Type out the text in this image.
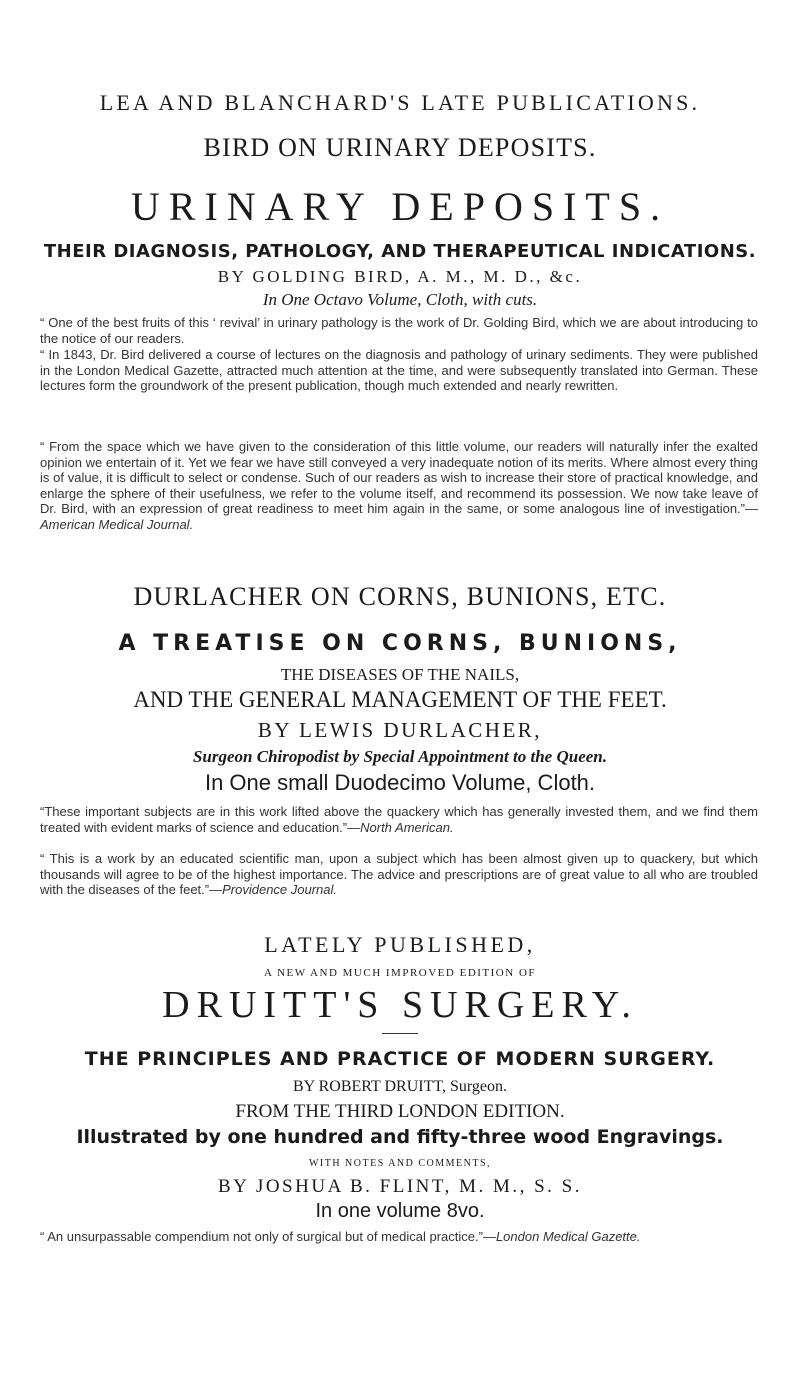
LEA AND BLANCHARD'S LATE PUBLICATIONS.

BIRD ON URINARY DEPOSITS.

URINARY DEPOSITS.

THEIR DIAGNOSIS, PATHOLOGY, AND THERAPEUTICAL INDICATIONS.

BY GOLDING BIRD, A. M., M. D., &c.

In One Octavo Volume, Cloth, with cuts.

“ One of the best fruits of this ‘ revival’ in urinary pathology is the work of Dr. Golding Bird, which we are about introducing to the notice of our readers.

“ In 1843, Dr. Bird delivered a course of lectures on the diagnosis and pathology of urinary sediments. They were published in the London Medical Gazette, attracted much attention at the time, and were subsequently translated into German. These lectures form the groundwork of the present publication, though much extended and nearly rewritten.

“ From the space which we have given to the consideration of this little volume, our readers will naturally infer the exalted opinion we entertain of it. Yet we fear we have still conveyed a very inadequate notion of its merits. Where almost every thing is of value, it is difficult to select or condense. Such of our readers as wish to increase their store of practical knowledge, and enlarge the sphere of their usefulness, we refer to the volume itself, and recommend its possession. We now take leave of Dr. Bird, with an expression of great readiness to meet him again in the same, or some analogous line of investigation.”—American Medical Journal.

DURLACHER ON CORNS, BUNIONS, ETC.

A TREATISE ON CORNS, BUNIONS,

THE DISEASES OF THE NAILS,

AND THE GENERAL MANAGEMENT OF THE FEET.

BY LEWIS DURLACHER,

Surgeon Chiropodist by Special Appointment to the Queen.

In One small Duodecimo Volume, Cloth.

“These important subjects are in this work lifted above the quackery which has generally invested them, and we find them treated with evident marks of science and education.”—North American.

“ This is a work by an educated scientific man, upon a subject which has been almost given up to quackery, but which thousands will agree to be of the highest importance. The advice and prescriptions are of great value to all who are troubled with the diseases of the feet.”—Providence Journal.

LATELY PUBLISHED,

A NEW AND MUCH IMPROVED EDITION OF

DRUITT'S SURGERY.

THE PRINCIPLES AND PRACTICE OF MODERN SURGERY.

BY ROBERT DRUITT, Surgeon.

FROM THE THIRD LONDON EDITION.

Illustrated by one hundred and fifty-three wood Engravings.

WITH NOTES AND COMMENTS,

BY JOSHUA B. FLINT, M. M., S. S.

In one volume 8vo.

“ An unsurpassable compendium not only of surgical but of medical practice.”—London Medical Gazette.
